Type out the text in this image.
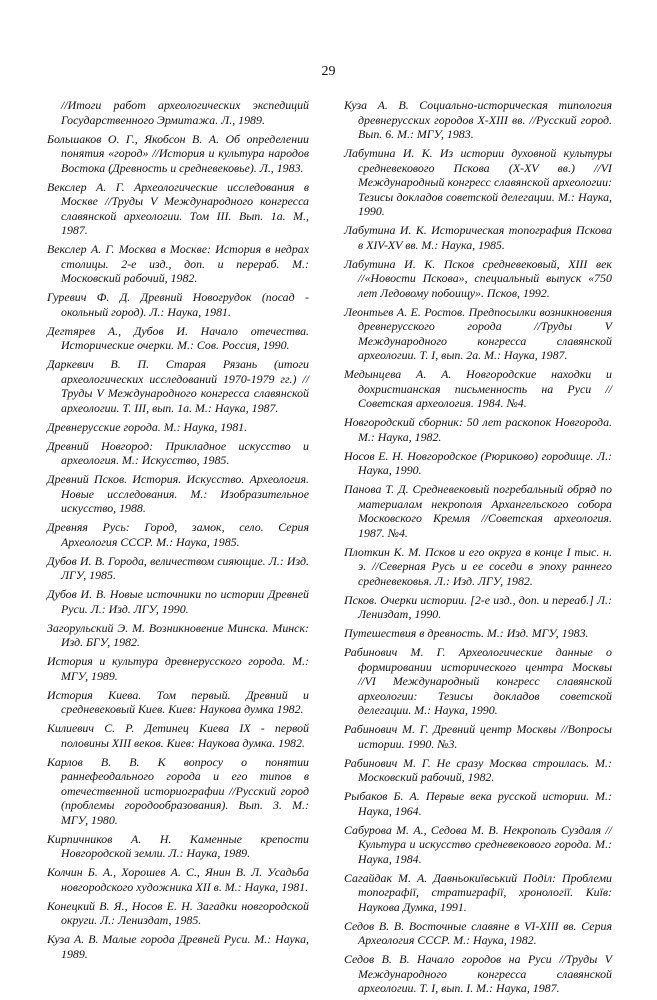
29

//Итоги работ археологических экспедиций Государственного Эрмитажа. Л., 1989.

Большаков О. Г., Якобсон В. А. Об определении понятия «город» //История и культура народов Востока (Древность и средневековье). Л., 1983.

Векслер А. Г. Археологические исследования в Москве //Труды V Международного конгресса славянской археологии. Том III. Вып. 1а. М., 1987.

Векслер А. Г. Москва в Москве: История в недрах столицы. 2-е изд., доп. и перераб. М.: Московский рабочий, 1982.

Гуревич Ф. Д. Древний Новогрудок (посад - окольный город). Л.: Наука, 1981.

Дегтярев А., Дубов И. Начало отечества. Исторические очерки. М.: Сов. Россия, 1990.

Даркевич В. П. Старая Рязань (итоги археологических исследований 1970-1979 гг.) //Труды V Международного конгресса славянской археологии. Т. III, вып. 1а. М.: Наука, 1987.

Древнерусские города. М.: Наука, 1981.

Древний Новгород: Прикладное искусство и археология. М.: Искусство, 1985.

Древний Псков. История. Искусство. Археология. Новые исследования. М.: Изобразительное искусство, 1988.

Древняя Русь: Город, замок, село. Серия Археология СССР. М.: Наука, 1985.

Дубов И. В. Города, величеством сияющие. Л.: Изд. ЛГУ, 1985.

Дубов И. В. Новые источники по истории Древней Руси. Л.: Изд. ЛГУ, 1990.

Загорульский Э. М. Возникновение Минска. Минск: Изд. БГУ, 1982.

История и культура древнерусского города. М.: МГУ, 1989.

История Киева. Том первый. Древний и средневековый Киев. Киев: Наукова думка 1982.

Килиевич С. Р. Детинец Киева IX - первой половины XIII веков. Киев: Наукова думка. 1982.

Карлов В. В. К вопросу о понятии раннефеодального города и его типов в отечественной историографии //Русский город (проблемы городообразования). Вып. 3. М.: МГУ, 1980.

Кирпичников А. Н. Каменные крепости Новгородской земли. Л.: Наука, 1989.

Колчин Б. А., Хорошев А. С., Янин В. Л. Усадьба новгородского художника XII в. М.: Наука, 1981.

Конецкий В. Я., Носов Е. Н. Загадки новгородской округи. Л.: Лениздат, 1985.

Куза А. В. Малые города Древней Руси. М.: Наука, 1989.

Куза А. В. Социально-историческая типология древнерусских городов X-XIII вв. //Русский город. Вып. 6. М.: МГУ, 1983.

Лабутина И. К. Из истории духовной культуры средневекового Пскова (X-XV вв.) //VI Международный конгресс славянской археологии: Тезисы докладов советской делегации. М.: Наука, 1990.

Лабутина И. К. Историческая топография Пскова в XIV-XV вв. М.: Наука, 1985.

Лабутина И. К. Псков средневековый, XIII век //«Новости Пскова», специальный выпуск «750 лет Ледовому побоищу». Псков, 1992.

Леонтьев А. Е. Ростов. Предпосылки возникновения древнерусского города //Труды V Международного конгресса славянской археологии. Т. I, вып. 2а. М.: Наука, 1987.

Медынцева А. А. Новгородские находки и дохристианская письменность на Руси //Советская археология. 1984. №4.

Новгородский сборник: 50 лет раскопок Новгорода. М.: Наука, 1982.

Носов Е. Н. Новгородское (Рюриково) городище. Л.: Наука, 1990.

Панова Т. Д. Средневековый погребальный обряд по материалам некрополя Архангельского собора Московского Кремля //Советская археология. 1987. №4.

Плоткин К. М. Псков и его округа в конце I тыс. н. э. //Северная Русь и ее соседи в эпоху раннего средневековья. Л.: Изд. ЛГУ, 1982.

Псков. Очерки истории. [2-е изд., доп. и переаб.] Л.: Лениздат, 1990.

Путешествия в древность. М.: Изд. МГУ, 1983.

Рабинович М. Г. Археологические данные о формировании исторического центра Москвы //VI Международный конгресс славянской археологии: Тезисы докладов советской делегации. М.: Наука, 1990.

Рабинович М. Г. Древний центр Москвы //Вопросы истории. 1990. №3.

Рабинович М. Г. Не сразу Москва строилась. М.: Московский рабочий, 1982.

Рыбаков Б. А. Первые века русской истории. М.: Наука, 1964.

Сабурова М. А., Седова М. В. Некрополь Суздаля //Культура и искусство средневекового города. М.: Наука, 1984.

Сагайдак М. А. Давньокиївський Поділ: Проблеми топографії, стратиграфії, хронології. Київ: Наукова Думка, 1991.

Седов В. В. Восточные славяне в VI-XIII вв. Серия Археология СССР. М.: Наука, 1982.

Седов В. В. Начало городов на Руси //Труды V Международного конгресса славянской археологии. Т. I, вып. I. М.: Наука, 1987.
